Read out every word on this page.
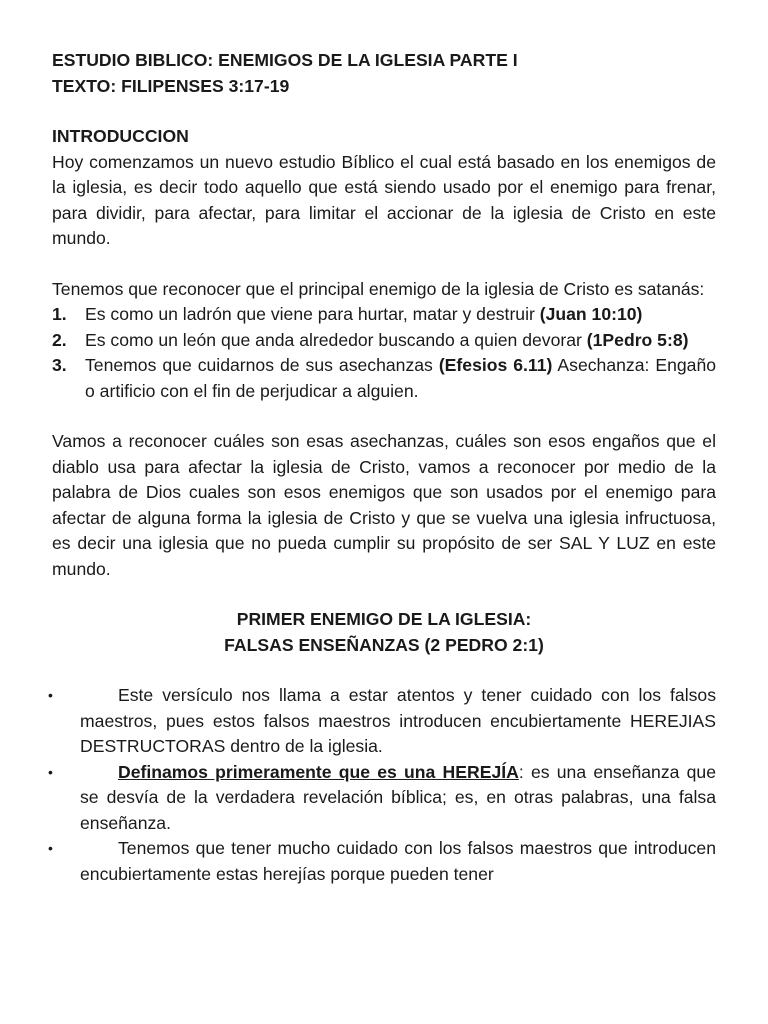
ESTUDIO BIBLICO: ENEMIGOS DE LA IGLESIA PARTE I

TEXTO: FILIPENSES 3:17-19

INTRODUCCION

Hoy comenzamos un nuevo estudio Bíblico el cual está basado en los enemigos de la iglesia, es decir todo aquello que está siendo usado por el enemigo para frenar, para dividir, para afectar, para limitar el accionar de la iglesia de Cristo en este mundo.

Tenemos que reconocer que el principal enemigo de la iglesia de Cristo es satanás:

1. Es como un ladrón que viene para hurtar, matar y destruir (Juan 10:10)
2. Es como un león que anda alrededor buscando a quien devorar (1Pedro 5:8)
3. Tenemos que cuidarnos de sus asechanzas (Efesios 6.11) Asechanza: Engaño o artificio con el fin de perjudicar a alguien.

Vamos a reconocer cuáles son esas asechanzas, cuáles son esos engaños que el diablo usa para afectar la iglesia de Cristo, vamos a reconocer por medio de la palabra de Dios cuales son esos enemigos que son usados por el enemigo para afectar de alguna forma la iglesia de Cristo y que se vuelva una iglesia infructuosa, es decir una iglesia que no pueda cumplir su propósito de ser SAL Y LUZ en este mundo.

PRIMER ENEMIGO DE LA IGLESIA:

FALSAS ENSEÑANZAS (2 PEDRO 2:1)

•	Este versículo nos llama a estar atentos y tener cuidado con los falsos maestros, pues estos falsos maestros introducen encubiertamente HEREJIAS DESTRUCTORAS dentro de la iglesia.
•	Definamos primeramente que es una HEREJÍA: es una enseñanza que se desvía de la verdadera revelación bíblica; es, en otras palabras, una falsa enseñanza.
•	Tenemos que tener mucho cuidado con los falsos maestros que introducen encubiertamente estas herejías porque pueden tener
